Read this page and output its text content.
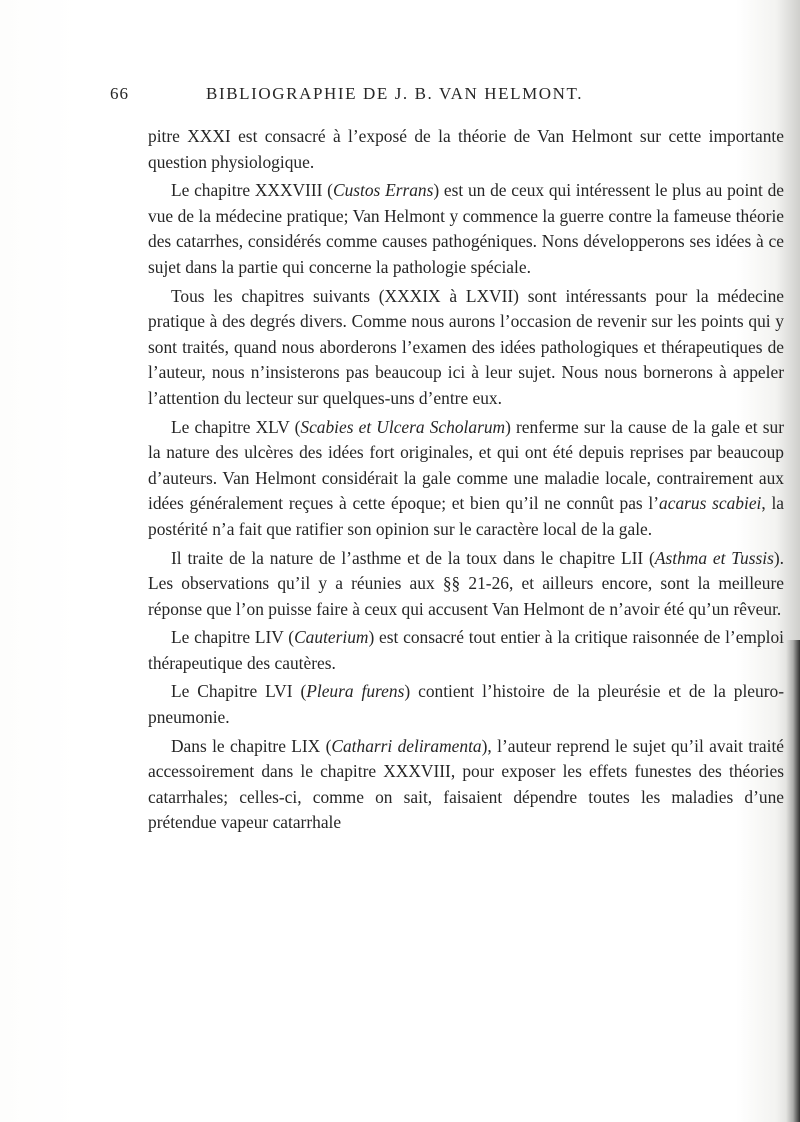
66	BIBLIOGRAPHIE DE J. B. VAN HELMONT.

pitre XXXI est consacré à l’exposé de la théorie de Van Helmont sur cette importante question physiologique.

Le chapitre XXXVIII (Custos Errans) est un de ceux qui intéressent le plus au point de vue de la médecine pratique; Van Helmont y commence la guerre contre la fameuse théorie des catarrhes, considérés comme causes pathogéniques. Nons développerons ses idées à ce sujet dans la partie qui concerne la pathologie spéciale.

Tous les chapitres suivants (XXXIX à LXVII) sont intéressants pour la médecine pratique à des degrés divers. Comme nous aurons l’occasion de revenir sur les points qui y sont traités, quand nous aborderons l’examen des idées pathologiques et thérapeutiques de l’auteur, nous n’insisterons pas beaucoup ici à leur sujet. Nous nous bornerons à appeler l’attention du lecteur sur quelques-uns d’entre eux.

Le chapitre XLV (Scabies et Ulcera Scholarum) renferme sur la cause de la gale et sur la nature des ulcères des idées fort originales, et qui ont été depuis reprises par beaucoup d’auteurs. Van Helmont considérait la gale comme une maladie locale, contrairement aux idées généralement reçues à cette époque; et bien qu’il ne connût pas l’acarus scabiei, la postérité n’a fait que ratifier son opinion sur le caractère local de la gale.

Il traite de la nature de l’asthme et de la toux dans le chapitre LII (Asthma et Tussis). Les observations qu’il y a réunies aux §§ 21-26, et ailleurs encore, sont la meilleure réponse que l’on puisse faire à ceux qui accusent Van Helmont de n’avoir été qu’un rêveur.

Le chapitre LIV (Cauterium) est consacré tout entier à la critique raisonnée de l’emploi thérapeutique des cautères.

Le Chapitre LVI (Pleura furens) contient l’histoire de la pleurésie et de la pleuro-pneumonie.

Dans le chapitre LIX (Catharri deliramenta), l’auteur reprend le sujet qu’il avait traité accessoirement dans le chapitre XXXVIII, pour exposer les effets funestes des théories catarrhales; celles-ci, comme on sait, faisaient dépendre toutes les maladies d’une prétendue vapeur catarrhale
